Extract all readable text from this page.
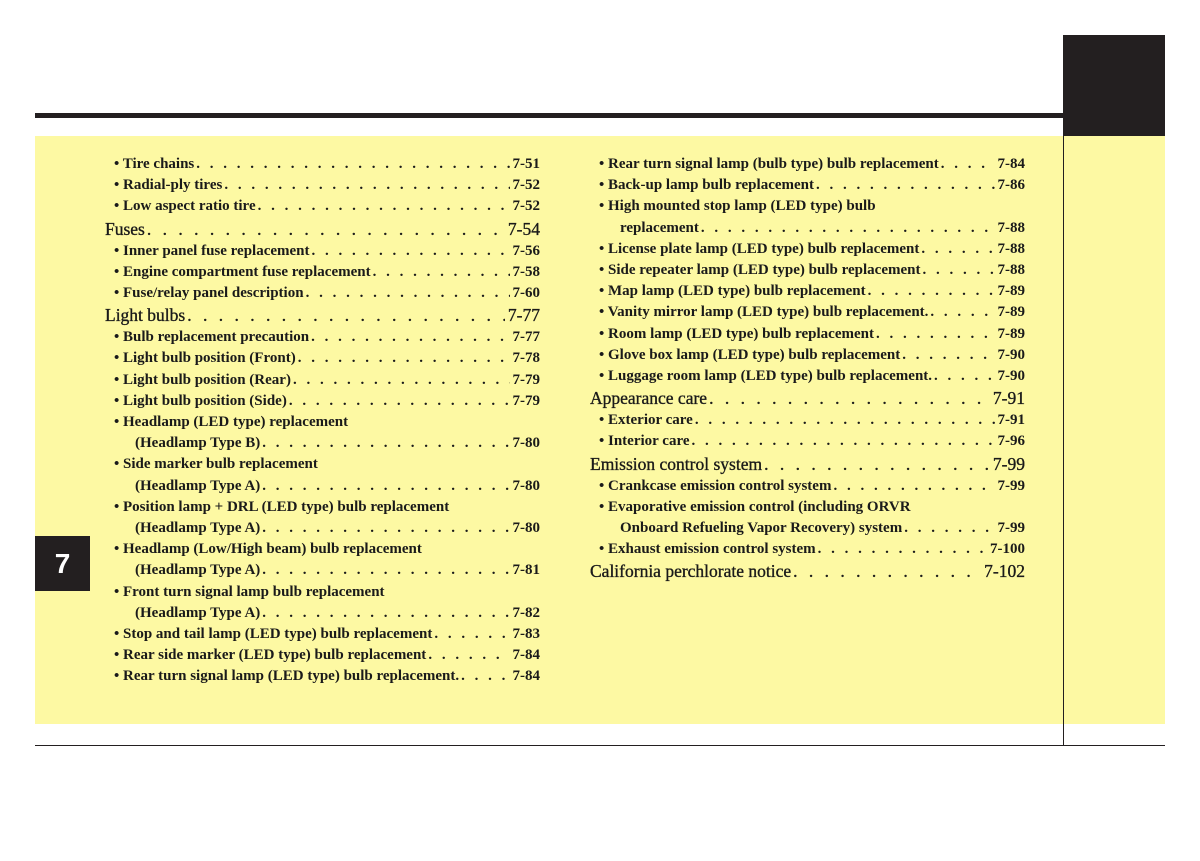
7
• Tire chains . . .	7-51
• Radial-ply tires . . .	7-52
• Low aspect ratio tire . . .	7-52
Fuses . . .	7-54
• Inner panel fuse replacement . . .	7-56
• Engine compartment fuse replacement . . .	7-58
• Fuse/relay panel description . . .	7-60
Light bulbs . . .	7-77
• Bulb replacement precaution . . .	7-77
• Light bulb position (Front) . . .	7-78
• Light bulb position (Rear) . . .	7-79
• Light bulb position (Side) . . .	7-79
• Headlamp (LED type) replacement
(Headlamp Type B) . . .	7-80
• Side marker bulb replacement
(Headlamp Type A) . . .	7-80
• Position lamp + DRL (LED type) bulb replacement
(Headlamp Type A) . . .	7-80
• Headlamp (Low/High beam) bulb replacement
(Headlamp Type A) . . .	7-81
• Front turn signal lamp bulb replacement
(Headlamp Type A) . . .	7-82
• Stop and tail lamp (LED type) bulb replacement . . .	7-83
• Rear side marker (LED type) bulb replacement . . .	7-84
• Rear turn signal lamp (LED type) bulb replacement. . . .	7-84
• Rear turn signal lamp (bulb type) bulb replacement . . .	7-84
• Back-up lamp bulb replacement . . .	7-86
• High mounted stop lamp (LED type) bulb
replacement . . .	7-88
• License plate lamp (LED type) bulb replacement . . .	7-88
• Side repeater lamp (LED type) bulb replacement . . .	7-88
• Map lamp (LED type) bulb replacement . . .	7-89
• Vanity mirror lamp (LED type) bulb replacement. . . .	7-89
• Room lamp (LED type) bulb replacement . . .	7-89
• Glove box lamp (LED type) bulb replacement . . .	7-90
• Luggage room lamp (LED type) bulb replacement. . . .	7-90
Appearance care . . .	7-91
• Exterior care . . .	7-91
• Interior care . . .	7-96
Emission control system . . .	7-99
• Crankcase emission control system . . .	7-99
• Evaporative emission control (including ORVR
Onboard Refueling Vapor Recovery) system . . .	7-99
• Exhaust emission control system . . .	7-100
California perchlorate notice . . .	7-102
